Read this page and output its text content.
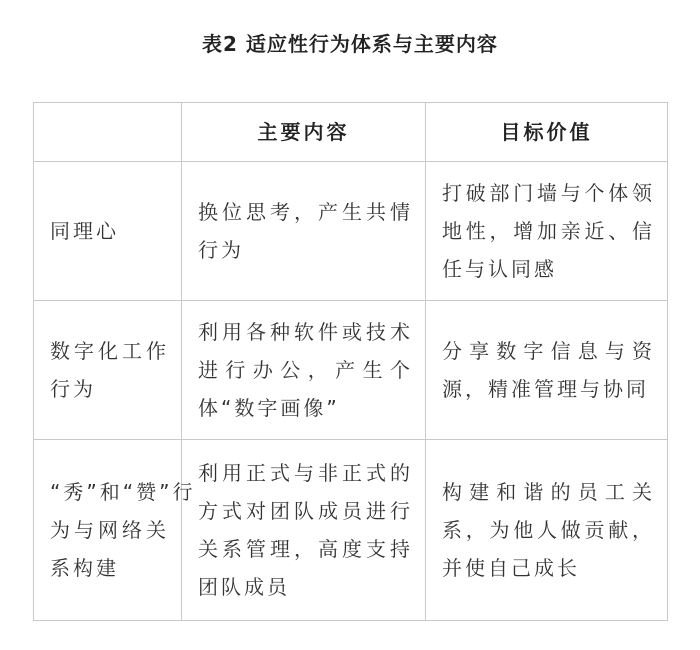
表2 适应性行为体系与主要内容
	主要内容	目标价值

同理心	换位思考，产生共情行为	打破部门墙与个体领地性，增加亲近、信任与认同感

数字化工作行为	利用各种软件或技术进行办公，产生个体“数字画像”	分享数字信息与资源，精准管理与协同

“秀”和“赞”行为与网络关系构建	利用正式与非正式的方式对团队成员进行关系管理，高度支持团队成员	构建和谐的员工关系，为他人做贡献，并使自己成长
